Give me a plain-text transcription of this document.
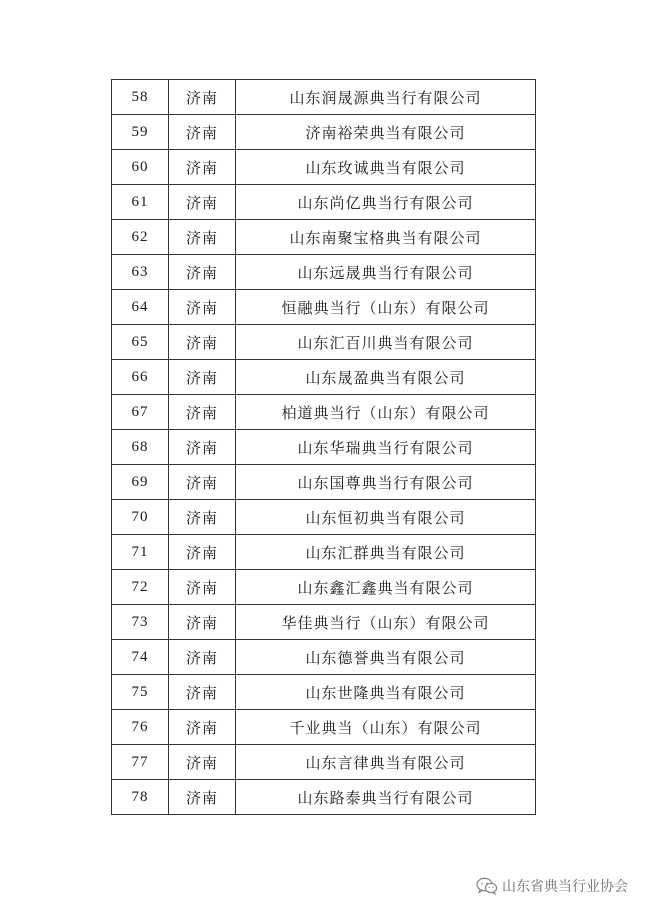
58	济南	山东润晟源典当行有限公司
59	济南	济南裕荣典当有限公司
60	济南	山东玫诚典当有限公司
61	济南	山东尚亿典当行有限公司
62	济南	山东南聚宝格典当有限公司
63	济南	山东远晟典当行有限公司
64	济南	恒融典当行（山东）有限公司
65	济南	山东汇百川典当有限公司
66	济南	山东晟盈典当有限公司
67	济南	柏道典当行（山东）有限公司
68	济南	山东华瑞典当行有限公司
69	济南	山东国尊典当行有限公司
70	济南	山东恒初典当有限公司
71	济南	山东汇群典当有限公司
72	济南	山东鑫汇鑫典当有限公司
73	济南	华佳典当行（山东）有限公司
74	济南	山东德誉典当有限公司
75	济南	山东世隆典当有限公司
76	济南	千业典当（山东）有限公司
77	济南	山东言律典当有限公司
78	济南	山东路泰典当行有限公司
山东省典当行业协会
